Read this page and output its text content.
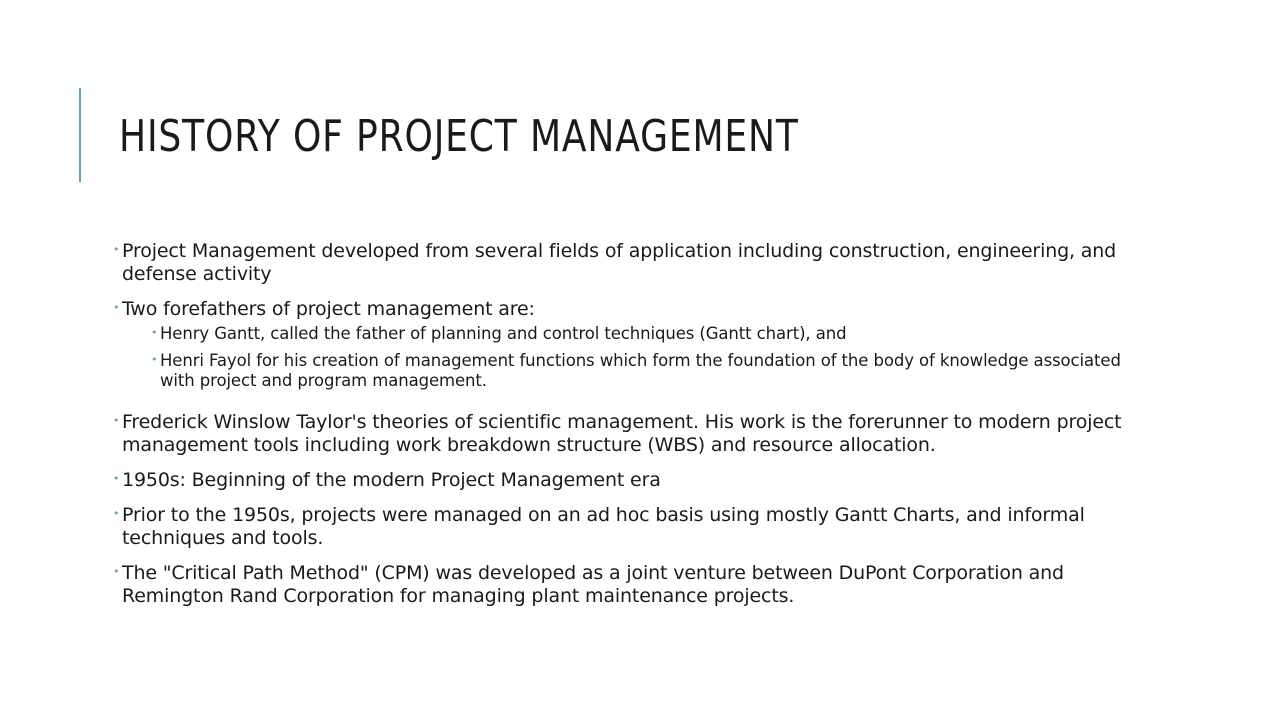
HISTORY OF PROJECT MANAGEMENT
• Project Management developed from several fields of application including construction, engineering, and defense activity
• Two forefathers of project management are:
• Henry Gantt, called the father of planning and control techniques (Gantt chart), and
• Henri Fayol for his creation of management functions which form the foundation of the body of knowledge associated with project and program management.
• Frederick Winslow Taylor's theories of scientific management. His work is the forerunner to modern project management tools including work breakdown structure (WBS) and resource allocation.
• 1950s: Beginning of the modern Project Management era
• Prior to the 1950s, projects were managed on an ad hoc basis using mostly Gantt Charts, and informal techniques and tools.
• The "Critical Path Method" (CPM) was developed as a joint venture between DuPont Corporation and Remington Rand Corporation for managing plant maintenance projects.
